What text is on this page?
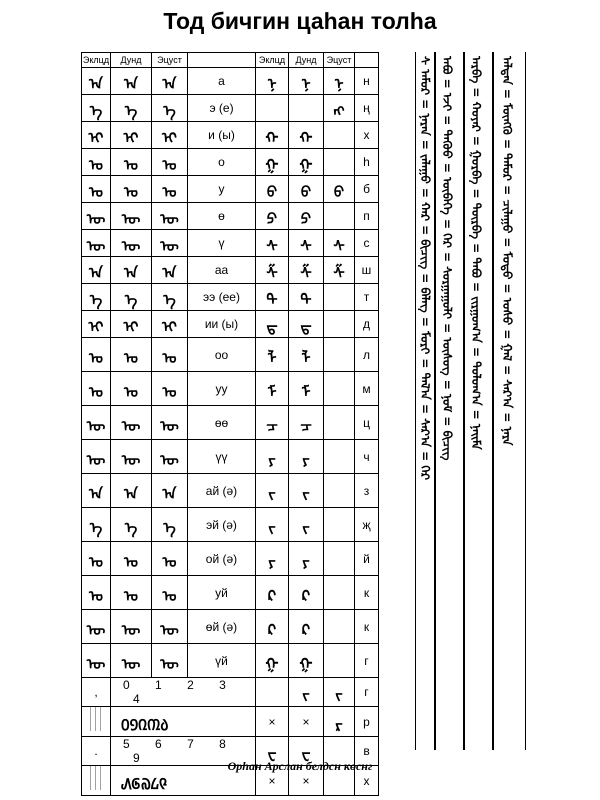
Тод бичгин цаһан толһа
Эклцд	Дунд	Эцуст		Эклцд	Дунд	Эцуст	
ᠠ	ᠠ	ᠠ	а	ᠨ	ᠨ	ᠨ	н
ᠡ	ᠡ	ᠡ	э (е)			ᠩ	ң
ᠢ	ᠢ	ᠢ	и (ы)	ᠬ	ᠬ		х
ᠣ	ᠣ	ᠣ	о	ᠭ	ᠭ		һ
ᠤ	ᠤ	ᠤ	у	ᠪ	ᠪ	ᠪ	б
ᠥ	ᠥ	ᠥ	ө	ᠫ	ᠫ		п
ᠦ	ᠦ	ᠦ	ү	ᠰ	ᠰ	ᠰ	с
ᠠ	ᠠ	ᠠ	аа	ᠱ	ᠱ	ᠱ	ш
ᠡ	ᠡ	ᠡ	ээ (ее)	ᠲ	ᠲ		т
ᠢ	ᠢ	ᠢ	ии (ы)	ᠳ	ᠳ		д
ᠣ	ᠣ	ᠣ	оо	ᠯ	ᠯ		л
ᠤ	ᠤ	ᠤ	уу	ᠮ	ᠮ		м
ᠥ	ᠥ	ᠥ	өө	ᠴ	ᠴ		ц
ᠦ	ᠦ	ᠦ	үү	ᠶ	ᠶ		ч
ᠠ	ᠠ	ᠠ	ай (ә)	ᠵ	ᠵ		з
ᠡ	ᠡ	ᠡ	эй (ә)	ᠵ	ᠵ		җ
ᠣ	ᠣ	ᠣ	ой (ә)	ᠶ	ᠶ		й
ᠤ	ᠤ	ᠤ	уй	ᠺ	ᠺ		к
ᠥ	ᠥ	ᠥ	өй (ә)	ᠺ	ᠺ		к
ᠦ	ᠦ	ᠦ	үй	ᠭ	ᠭ		г
,	0 1 2 3 4				ᠵ	ᠵ	г
	᠐᠑᠒᠓᠔			×	×	ᠷ	р
.	5 6 7 8 9			ᠸ	ᠸ		в
	᠕᠖᠗᠘᠙			×	×		х
ᠰ ᠠᠮᠤᠷ = ᠨᠠᠷᠠᠨ = ᠵᠠᠯᠠᠭᠤ = ᠬᠠᠷ = ᠪᠢᠴᠢᠭ = ᠪᠡᠯᠡᠭ = ᠮᠣᠷᠢ = ᠲᠠᠯ᠎ᠠ = ᠰᠠᠷ᠎ᠠ = ᠭᠡᠷ ᠠᠪᠤ = ᠡᠵᠢ = ᠳᠡᠭᠦᠦ = ᠥᠪᠡᠭᠡ = ᠭᠡᠷ = ᠰᠤᠷᠭᠠᠭᠤᠯᠢ = ᠦᠰᠦᠭ = ᠨᠣᠮ = ᠪᠢᠴᠢᠭ ᠠᠷᠪᠠ = ᠬᠣᠶᠠᠷ = ᠭᠤᠷᠪᠠ = ᠳᠥᠷᠪᠡ = ᠲᠠᠪᠤ = ᠵᠢᠷᠭᠤᠭ᠎ᠠ = ᠳᠣᠯᠣᠭ᠎ᠠ = ᠨᠠᠢᠮᠠ ᠠᠯᠲᠠᠨ = ᠮᠥᠩᠭᠦ = ᠲᠡᠮᠦᠷ = ᠴᠢᠯᠠᠭᠤ = ᠮᠣᠳᠤ = ᠤᠰᠤ = ᠭᠠᠯ = ᠰᠠᠷ᠎ᠠ = ᠨᠠᠷᠠ
Орһан Арслан белдсн көснг
